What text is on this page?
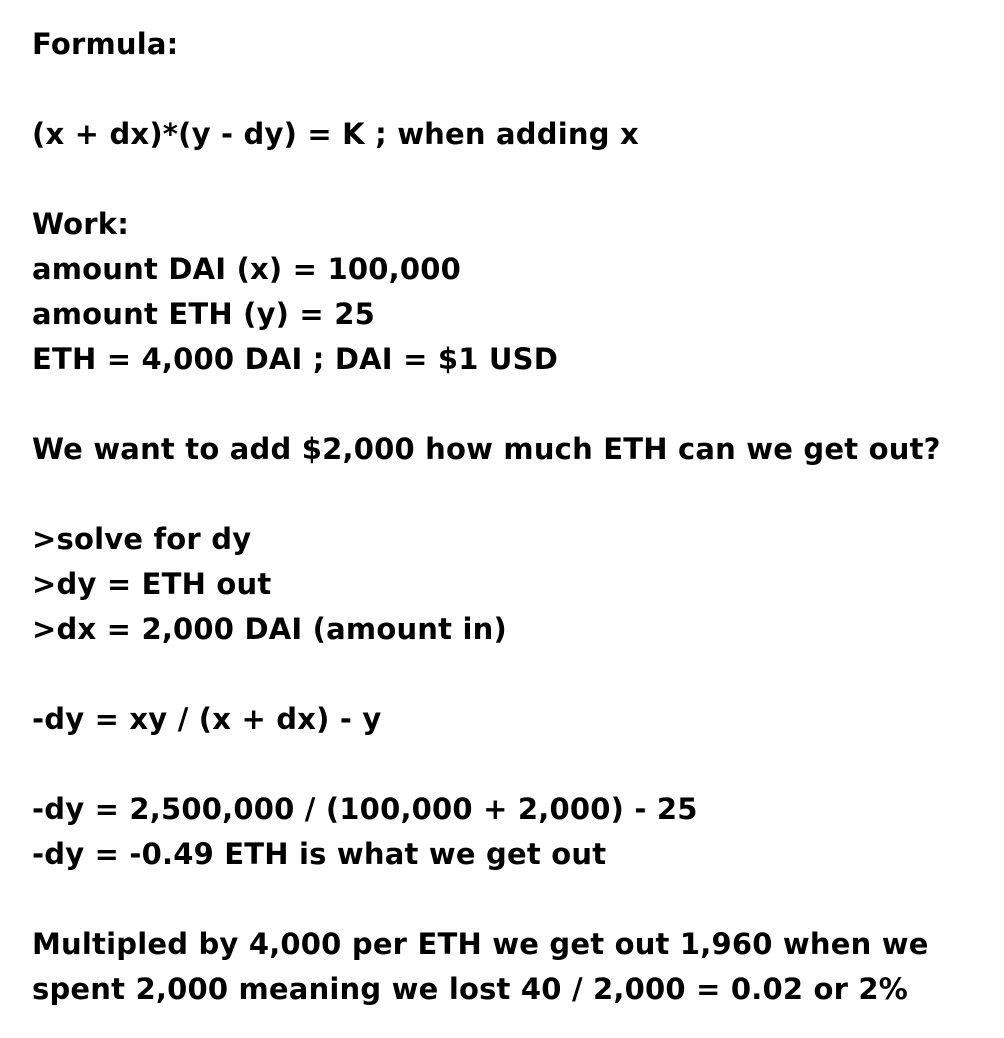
Formula:
(x + dx)*(y - dy) = K ; when adding x
Work:
amount DAI (x) = 100,000
amount ETH (y) = 25
ETH = 4,000 DAI ; DAI = $1 USD
We want to add $2,000 how much ETH can we get out?
>solve for dy
>dy = ETH out
>dx = 2,000 DAI (amount in)
-dy = xy / (x + dx) - y
-dy = 2,500,000 / (100,000 + 2,000) - 25
-dy = -0.49 ETH is what we get out
Multipled by 4,000 per ETH we get out 1,960 when we
spent 2,000 meaning we lost 40 / 2,000 = 0.02 or 2%
